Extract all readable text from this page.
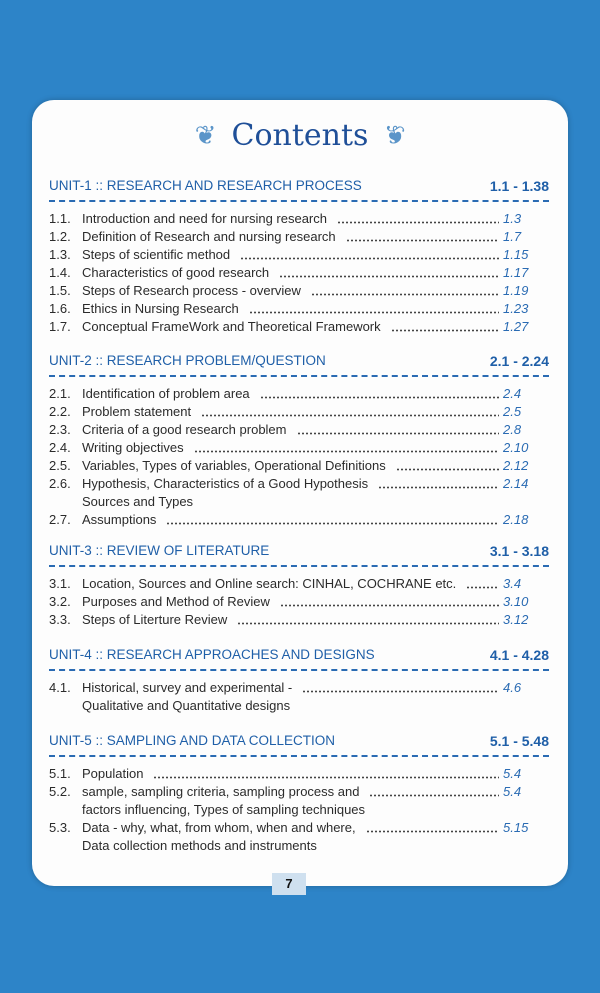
❦ Contents ❦
UNIT-1 :: RESEARCH AND RESEARCH PROCESS	1.1 - 1.38
1.1. Introduction and need for nursing research	1.3
1.2. Definition of Research and nursing research	1.7
1.3. Steps of scientific method	1.15
1.4. Characteristics of good research	1.17
1.5. Steps of Research process - overview	1.19
1.6. Ethics in Nursing Research	1.23
1.7. Conceptual FrameWork and Theoretical Framework	1.27
UNIT-2 :: RESEARCH PROBLEM/QUESTION	2.1 - 2.24
2.1. Identification of problem area	2.4
2.2. Problem statement	2.5
2.3. Criteria of a good research problem	2.8
2.4. Writing objectives	2.10
2.5. Variables, Types of variables, Operational Definitions	2.12
2.6. Hypothesis, Characteristics of a Good Hypothesis	2.14
Sources and Types
2.7. Assumptions	2.18
UNIT-3 :: REVIEW OF LITERATURE	3.1 - 3.18
3.1. Location, Sources and Online search: CINHAL, COCHRANE etc.	3.4
3.2. Purposes and Method of Review	3.10
3.3. Steps of Literture Review	3.12
UNIT-4 :: RESEARCH APPROACHES AND DESIGNS	4.1 - 4.28
4.1. Historical, survey and experimental -	4.6
Qualitative and Quantitative designs
UNIT-5 :: SAMPLING AND DATA COLLECTION	5.1 - 5.48
5.1. Population	5.4
5.2. sample, sampling criteria, sampling process and	5.4
factors influencing, Types of sampling techniques
5.3. Data - why, what, from whom, when and where,	5.15
Data collection methods and instruments
7
